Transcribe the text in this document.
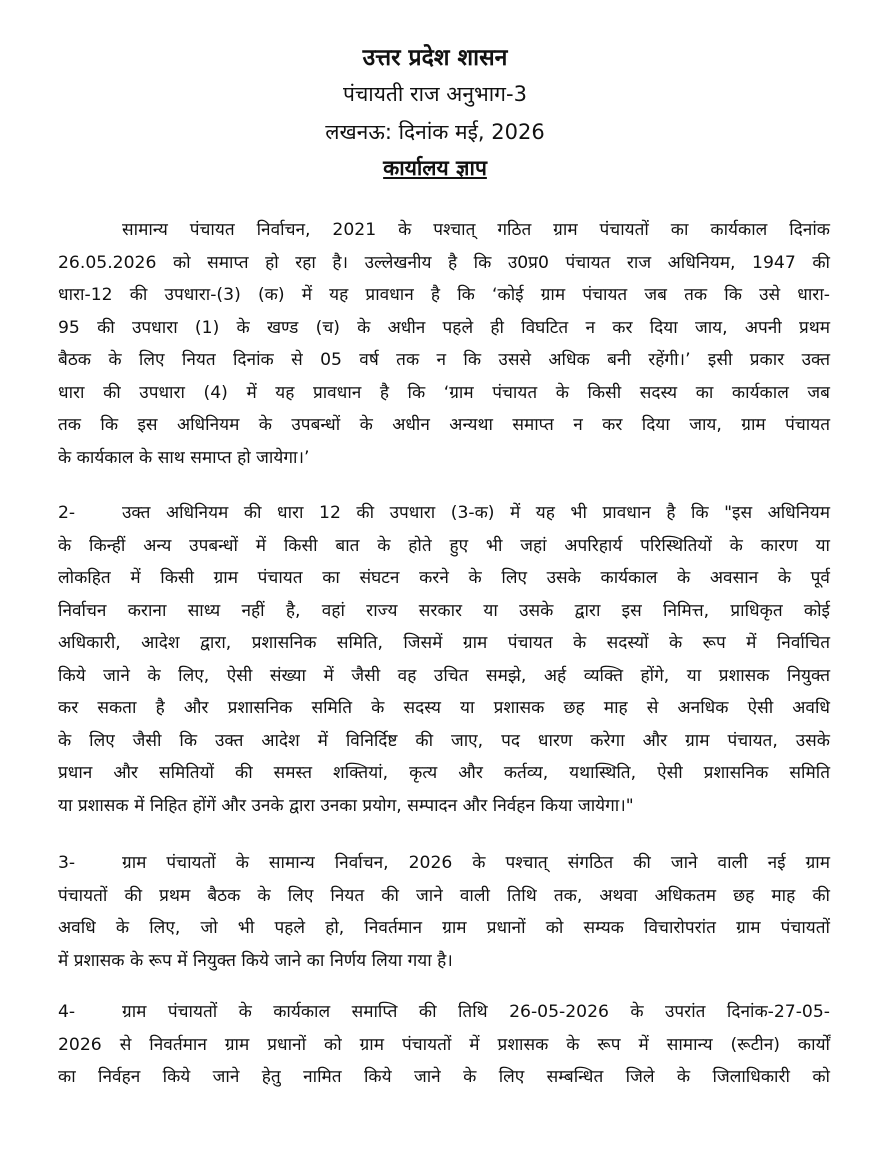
उत्तर प्रदेश शासन
पंचायती राज अनुभाग-3
लखनऊ: दिनांक मई, 2026
कार्यालय ज्ञाप
सामान्य पंचायत निर्वाचन, 2021 के पश्चात् गठित ग्राम पंचायतों का कार्यकाल दिनांक
26.05.2026 को समाप्त हो रहा है। उल्लेखनीय है कि उ0प्र0 पंचायत राज अधिनियम, 1947 की
धारा-12 की उपधारा-(3) (क) में यह प्रावधान है कि ‘कोई ग्राम पंचायत जब तक कि उसे धारा-
95 की उपधारा (1) के खण्ड (च) के अधीन पहले ही विघटित न कर दिया जाय, अपनी प्रथम
बैठक के लिए नियत दिनांक से 05 वर्ष तक न कि उससे अधिक बनी रहेंगी।’ इसी प्रकार उक्त
धारा की उपधारा (4) में यह प्रावधान है कि ‘ग्राम पंचायत के किसी सदस्य का कार्यकाल जब
तक कि इस अधिनियम के उपबन्धों के अधीन अन्यथा समाप्त न कर दिया जाय, ग्राम पंचायत
के कार्यकाल के साथ समाप्त हो जायेगा।’
2-	उक्त अधिनियम की धारा 12 की उपधारा (3-क) में यह भी प्रावधान है कि "इस अधिनियम
के किन्हीं अन्य उपबन्धों में किसी बात के होते हुए भी जहां अपरिहार्य परिस्थितियों के कारण या
लोकहित में किसी ग्राम पंचायत का संघटन करने के लिए उसके कार्यकाल के अवसान के पूर्व
निर्वाचन कराना साध्य नहीं है, वहां राज्य सरकार या उसके द्वारा इस निमित्त, प्राधिकृत कोई
अधिकारी, आदेश द्वारा, प्रशासनिक समिति, जिसमें ग्राम पंचायत के सदस्यों के रूप में निर्वाचित
किये जाने के लिए, ऐसी संख्या में जैसी वह उचित समझे, अर्ह व्यक्ति होंगे, या प्रशासक नियुक्त
कर सकता है और प्रशासनिक समिति के सदस्य या प्रशासक छह माह से अनधिक ऐसी अवधि
के लिए जैसी कि उक्त आदेश में विनिर्दिष्ट की जाए, पद धारण करेगा और ग्राम पंचायत, उसके
प्रधान और समितियों की समस्त शक्तियां, कृत्य और कर्तव्य, यथास्थिति, ऐसी प्रशासनिक समिति
या प्रशासक में निहित होंगें और उनके द्वारा उनका प्रयोग, सम्पादन और निर्वहन किया जायेगा।"
3-	ग्राम पंचायतों के सामान्य निर्वाचन, 2026 के पश्चात् संगठित की जाने वाली नई ग्राम
पंचायतों की प्रथम बैठक के लिए नियत की जाने वाली तिथि तक, अथवा अधिकतम छह माह की
अवधि के लिए, जो भी पहले हो, निवर्तमान ग्राम प्रधानों को सम्यक विचारोपरांत ग्राम पंचायतों
में प्रशासक के रूप में नियुक्त किये जाने का निर्णय लिया गया है।
4-	ग्राम पंचायतों के कार्यकाल समाप्ति की तिथि 26-05-2026 के उपरांत दिनांक-27-05-
2026 से निवर्तमान ग्राम प्रधानों को ग्राम पंचायतों में प्रशासक के रूप में सामान्य (रूटीन) कार्यों
का निर्वहन किये जाने हेतु नामित किये जाने के लिए सम्बन्धित जिले के जिलाधिकारी को
